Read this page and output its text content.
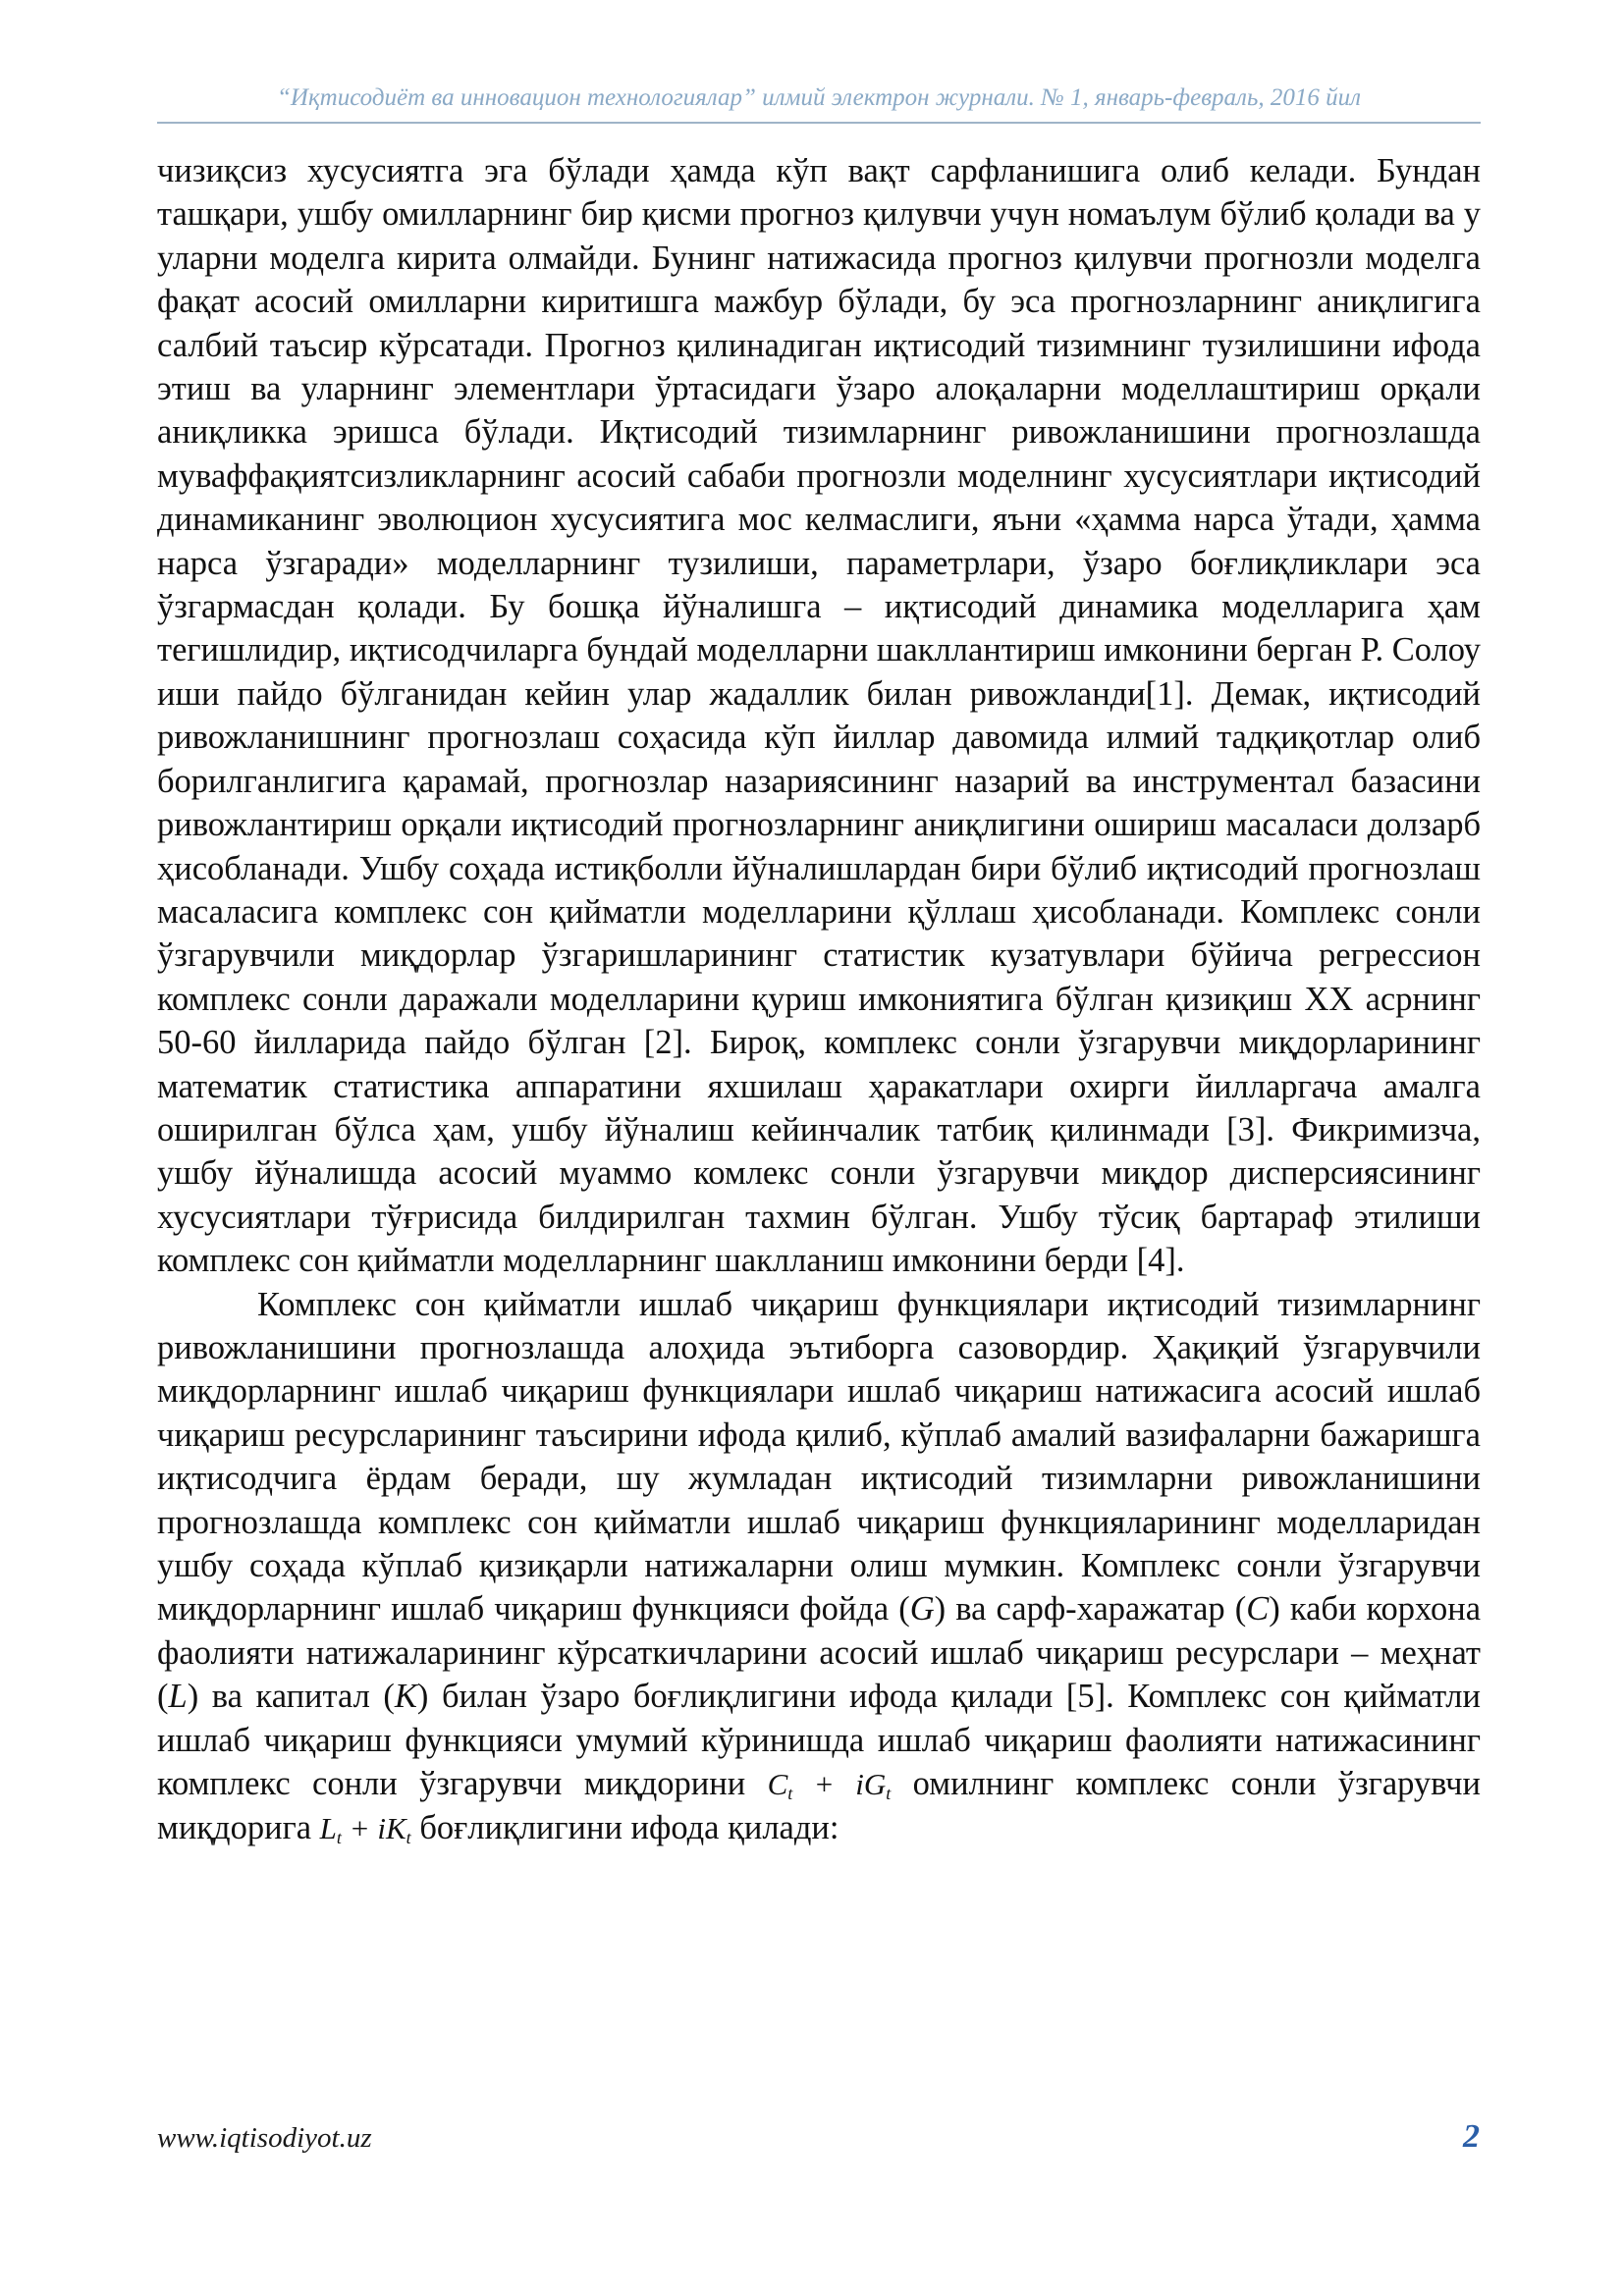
“Иқтисодиёт ва инновацион технологиялар” илмий электрон журнали. № 1, январь-февраль, 2016 йил

чизиқсиз хусусиятга эга бўлади ҳамда кўп вақт сарфланишига олиб келади. Бундан ташқари, ушбу омилларнинг бир қисми прогноз қилувчи учун номаълум бўлиб қолади ва у уларни моделга кирита олмайди. Бунинг натижасида прогноз қилувчи прогнозли моделга фақат асосий омилларни киритишга мажбур бўлади, бу эса прогнозларнинг аниқлигига салбий таъсир кўрсатади. Прогноз қилинадиган иқтисодий тизимнинг тузилишини ифода этиш ва уларнинг элементлари ўртасидаги ўзаро алоқаларни моделлаштириш орқали аниқликка эришса бўлади. Иқтисодий тизимларнинг ривожланишини прогнозлашда муваффақиятсизликларнинг асосий сабаби прогнозли моделнинг хусусиятлари иқтисодий динамиканинг эволюцион хусусиятига мос келмаслиги, яъни «ҳамма нарса ўтади, ҳамма нарса ўзгаради» моделларнинг тузилиши, параметрлари, ўзаро боғлиқликлари эса ўзгармасдан қолади. Бу бошқа йўналишга – иқтисодий динамика моделларига ҳам тегишлидир, иқтисодчиларга бундай моделларни шакллантириш имконини берган Р. Солоу иши пайдо бўлганидан кейин улар жадаллик билан ривожланди[1]. Демак, иқтисодий ривожланишнинг прогнозлаш соҳасида кўп йиллар давомида илмий тадқиқотлар олиб борилганлигига қарамай, прогнозлар назариясининг назарий ва инструментал базасини ривожлантириш орқали иқтисодий прогнозларнинг аниқлигини ошириш масаласи долзарб ҳисобланади. Ушбу соҳада истиқболли йўналишлардан бири бўлиб иқтисодий прогнозлаш масаласига комплекс сон қийматли моделларини қўллаш ҳисобланади. Комплекс сонли ўзгарувчили миқдорлар ўзгаришларининг статистик кузатувлари бўйича регрессион комплекс сонли даражали моделларини қуриш имкониятига бўлган қизиқиш XX асрнинг 50-60 йилларида пайдо бўлган [2]. Бироқ, комплекс сонли ўзгарувчи миқдорларининг математик статистика аппаратини яхшилаш ҳаракатлари охирги йилларгача амалга оширилган бўлса ҳам, ушбу йўналиш кейинчалик татбиқ қилинмади [3]. Фикримизча, ушбу йўналишда асосий муаммо комлекс сонли ўзгарувчи миқдор дисперсиясининг хусусиятлари тўғрисида билдирилган тахмин бўлган. Ушбу тўсиқ бартараф этилиши комплекс сон қийматли моделларнинг шаклланиш имконини берди [4].

Комплекс сон қийматли ишлаб чиқариш функциялари иқтисодий тизимларнинг ривожланишини прогнозлашда алоҳида эътиборга сазовордир. Ҳақиқий ўзгарувчили миқдорларнинг ишлаб чиқариш функциялари ишлаб чиқариш натижасига асосий ишлаб чиқариш ресурсларининг таъсирини ифода қилиб, кўплаб амалий вазифаларни бажаришга иқтисодчига ёрдам беради, шу жумладан иқтисодий тизимларни ривожланишини прогнозлашда комплекс сон қийматли ишлаб чиқариш функцияларининг моделларидан ушбу соҳада кўплаб қизиқарли натижаларни олиш мумкин. Комплекс сонли ўзгарувчи миқдорларнинг ишлаб чиқариш функцияси фойда (G) ва сарф-харажатар (C) каби корхона фаолияти натижаларининг кўрсаткичларини асосий ишлаб чиқариш ресурслари – меҳнат (L) ва капитал (K) билан ўзаро боғлиқлигини ифода қилади [5]. Комплекс сон қийматли ишлаб чиқариш функцияси умумий кўринишда ишлаб чиқариш фаолияти натижасининг комплекс сонли ўзгарувчи миқдорини $C_t + iG_t$ омилнинг комплекс сонли ўзгарувчи миқдорига $L_t + iK_t$ боғлиқлигини ифода қилади:

www.iqtisodiyot.uz	2
